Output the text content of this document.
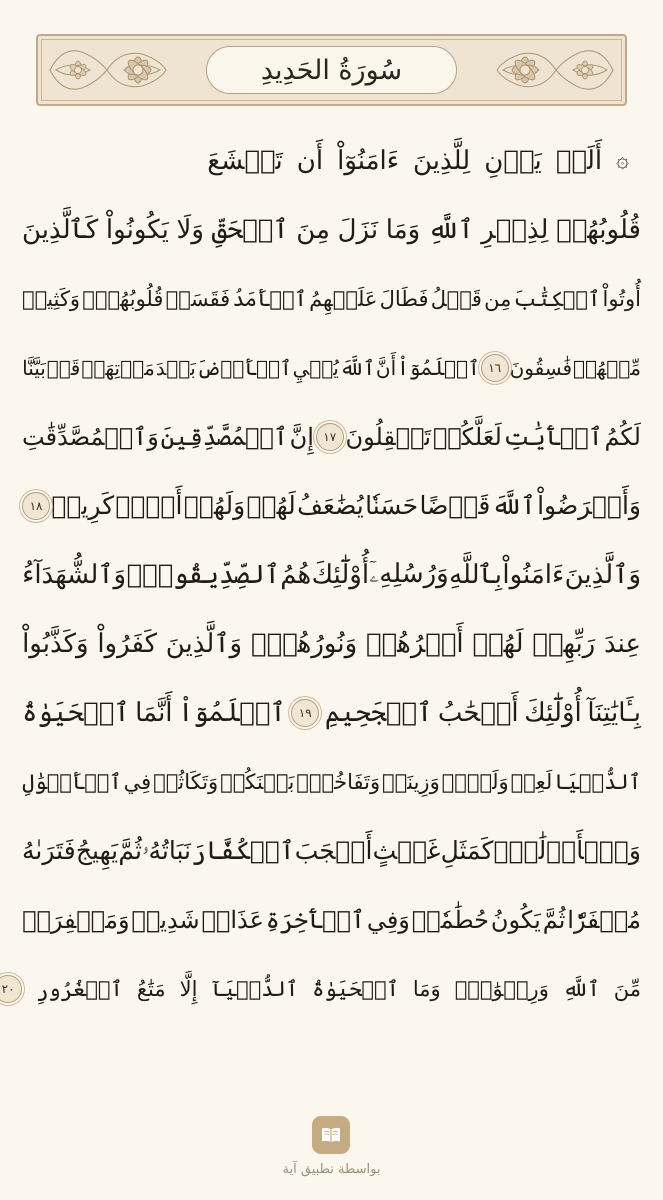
سُورَةُ الحَدِيدِ
۞
أَلَمۡ
يَأۡنِ
لِلَّذِينَ
ءَامَنُوٓاْ
أَن
تَخۡشَعَ
قُلُوبُهُمۡ
لِذِكۡرِ
ٱللَّهِ
وَمَا
نَزَلَ
مِنَ
ٱلۡحَقِّ
وَلَا
يَكُونُواْ
كَٱلَّذِينَ
أُوتُواْ
ٱلۡكِتَٰبَ
مِن
قَبۡلُ
فَطَالَ
عَلَيۡهِمُ
ٱلۡأَمَدُ
فَقَسَتۡ
قُلُوبُهُمۡۖ
وَكَثِيرٞ
مِّنۡهُمۡ
فَٰسِقُونَ
١٦
ٱعۡلَمُوٓاْ
أَنَّ
ٱللَّهَ
يُحۡيِ
ٱلۡأَرۡضَ
بَعۡدَ
مَوۡتِهَاۚ
قَدۡ
بَيَّنَّا
لَكُمُ
ٱلۡأٓيَٰتِ
لَعَلَّكُمۡ
تَعۡقِلُونَ
١٧
إِنَّ
ٱلۡمُصَّدِّقِينَ
وَٱلۡمُصَّدِّقَٰتِ
وَأَقۡرَضُواْ
ٱللَّهَ
قَرۡضًا
حَسَنٗا
يُضَٰعَفُ
لَهُمۡ
وَلَهُمۡ
أَجۡرٞ
كَرِيمٞ
١٨
وَٱلَّذِينَ
ءَامَنُواْ
بِٱللَّهِ
وَرُسُلِهِۦٓ
أُوْلَٰٓئِكَ
هُمُ
ٱلصِّدِّيقُونَۖ
وَٱلشُّهَدَآءُ
عِندَ
رَبِّهِمۡ
لَهُمۡ
أَجۡرُهُمۡ
وَنُورُهُمۡۖ
وَٱلَّذِينَ
كَفَرُواْ
وَكَذَّبُواْ
بِـَٔايَٰتِنَآ
أُوْلَٰٓئِكَ
أَصۡحَٰبُ
ٱلۡجَحِيمِ
١٩
ٱعۡلَمُوٓاْ
أَنَّمَا
ٱلۡحَيَوٰةُ
ٱلدُّنۡيَا
لَعِبٞ
وَلَهۡوٞ
وَزِينَةٞ
وَتَفَاخُرُۢ
بَيۡنَكُمۡ
وَتَكَاثُرٞ
فِي
ٱلۡأَمۡوَٰلِ
وَٱلۡأَوۡلَٰدِۖ
كَمَثَلِ
غَيۡثٍ
أَعۡجَبَ
ٱلۡكُفَّارَ
نَبَاتُهُۥ
ثُمَّ
يَهِيجُ
فَتَرَىٰهُ
مُصۡفَرّٗا
ثُمَّ
يَكُونُ
حُطَٰمٗاۖ
وَفِي
ٱلۡأٓخِرَةِ
عَذَابٞ
شَدِيدٞ
وَمَغۡفِرَةٞ
مِّنَ
ٱللَّهِ
وَرِضۡوَٰنٞۚ
وَمَا
ٱلۡحَيَوٰةُ
ٱلدُّنۡيَآ
إِلَّا
مَتَٰعُ
ٱلۡغُرُورِ
٢٠
بواسطة تطبيق آية
